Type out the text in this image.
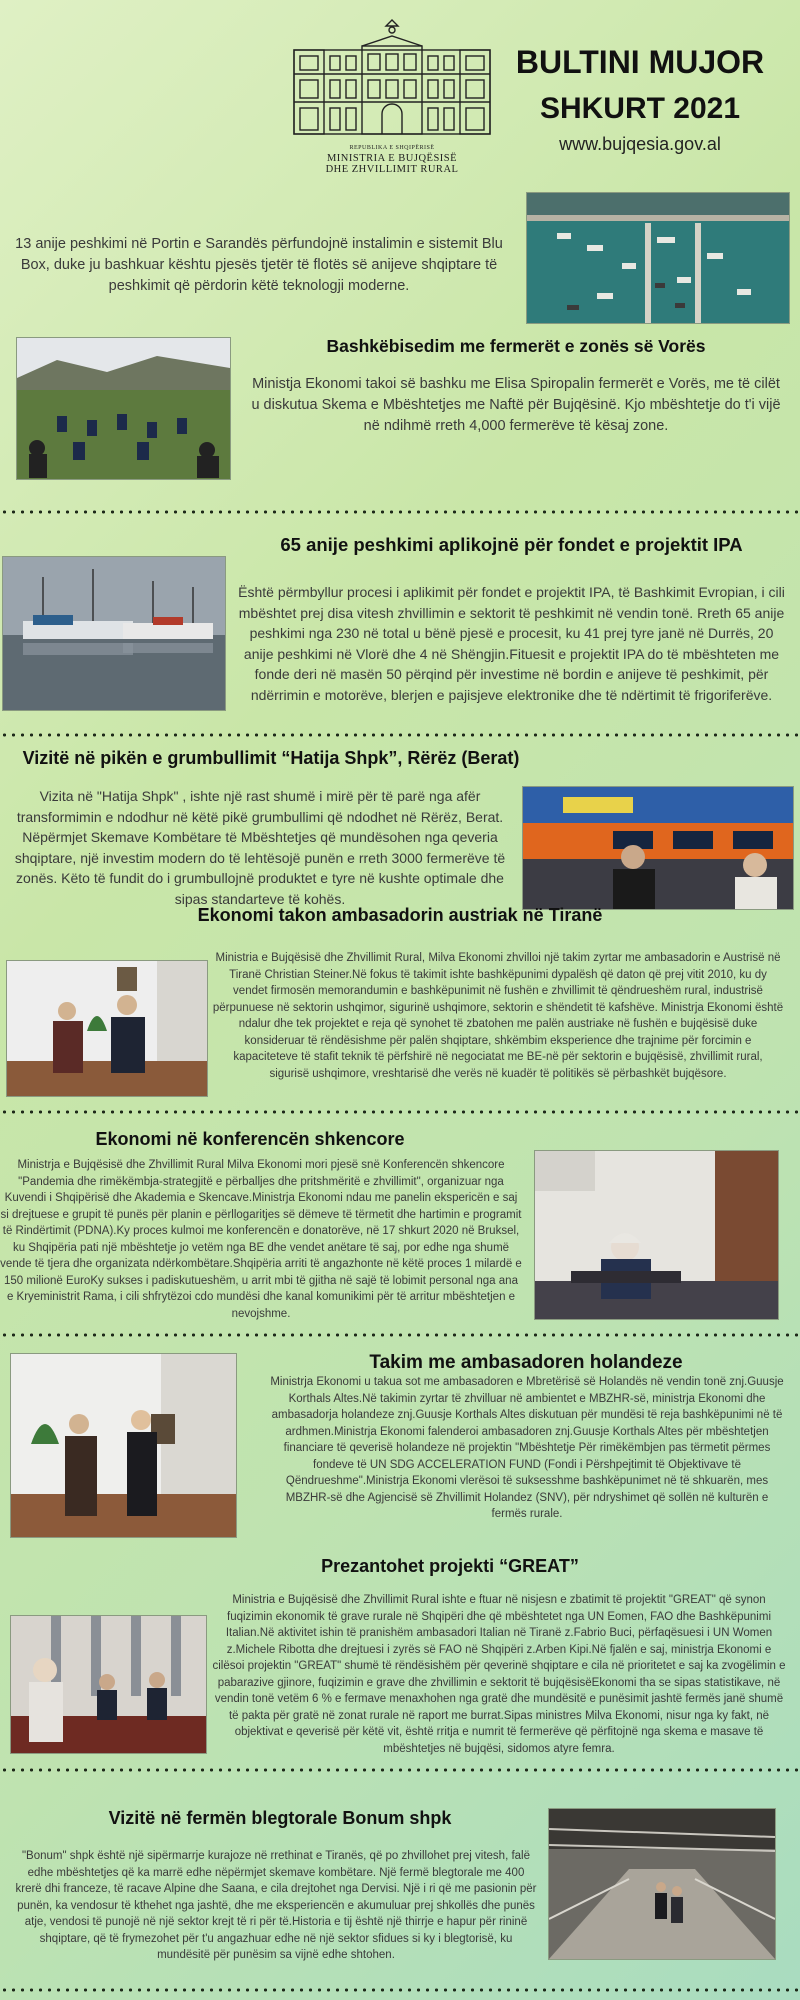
REPUBLIKA E SHQIPËRISË
MINISTRIA E BUJQËSISË
DHE ZHVILLIMIT RURAL
BULTINI MUJOR
SHKURT 2021
www.bujqesia.gov.al
13 anije peshkimi në Portin e Sarandës përfundojnë instalimin e sistemit Blu Box, duke ju bashkuar kështu pjesës tjetër të flotës së anijeve shqiptare të peshkimit që përdorin këtë teknologji moderne.
Bashkëbisedim me fermerët e zonës së Vorës
Ministja Ekonomi takoi së bashku me Elisa Spiropalin fermerët e Vorës, me të cilët u diskutua Skema e Mbështetjes me Naftë për Bujqësinë. Kjo mbështetje do t'i vijë në ndihmë rreth 4,000 fermerëve të kësaj zone.
65 anije peshkimi aplikojnë për fondet e projektit IPA
Është përmbyllur procesi i aplikimit për fondet e projektit IPA, të Bashkimit Evropian, i cili mbështet prej disa vitesh zhvillimin e sektorit të peshkimit në vendin tonë. Rreth 65 anije peshkimi nga 230 në total u bënë pjesë e procesit, ku 41 prej tyre janë në Durrës, 20 anije peshkimi në Vlorë dhe 4 në Shëngjin.Fituesit e projektit IPA do të mbështeten me fonde deri në masën 50 përqind për investime në bordin e anijeve të peshkimit, për ndërrimin e motorëve, blerjen e pajisjeve elektronike dhe të ndërtimit të frigoriferëve.
Vizitë në pikën e grumbullimit “Hatija Shpk”, Rërëz (Berat)
Vizita në "Hatija Shpk" , ishte një rast shumë i mirë për të parë nga afër transformimin e ndodhur në këtë pikë grumbullimi që ndodhet në Rërëz, Berat. Nëpërmjet Skemave Kombëtare të Mbështetjes që mundësohen nga qeveria shqiptare, një investim modern do të lehtësojë punën e rreth 3000 fermerëve të zonës. Këto të fundit do i grumbullojnë produktet e tyre në kushte optimale dhe sipas standarteve të kohës.
Ekonomi takon ambasadorin austriak në Tiranë
Ministria e Bujqësisë dhe Zhvillimit Rural, Milva Ekonomi zhvilloi një takim zyrtar me ambasadorin e Austrisë në Tiranë Christian Steiner.Në fokus të takimit ishte bashkëpunimi dypalësh që daton që prej vitit 2010, ku dy vendet firmosën memorandumin e bashkëpunimit në fushën e zhvillimit të qëndrueshëm rural, industrisë përpunuese në sektorin ushqimor, sigurinë ushqimore, sektorin e shëndetit të kafshëve. Ministrja Ekonomi është ndalur dhe tek projektet e reja që synohet të zbatohen me palën austriake në fushën e bujqësisë duke konsideruar të rëndësishme për palën shqiptare, shkëmbim eksperience dhe trajnime për forcimin e kapaciteteve të stafit teknik të përfshirë në negociatat me BE-në për sektorin e bujqësisë, zhvillimit rural, sigurisë ushqimore, vreshtarisë dhe verës në kuadër të politikës së përbashkët bujqësore.
Ekonomi në konferencën shkencore
Ministrja e Bujqësisë dhe Zhvillimit Rural Milva Ekonomi mori pjesë snë Konferencën shkencore "Pandemia dhe rimëkëmbja-strategjitë e përballjes dhe pritshmëritë e zhvillimit", organizuar nga Kuvendi i Shqipërisë dhe Akademia e Skencave.Ministrja Ekonomi ndau me panelin ekspericën e saj si drejtuese e grupit të punës për planin e përllogaritjes së dëmeve të tërmetit dhe hartimin e programit të Rindërtimit (PDNA).Ky proces kulmoi me konferencën e donatorëve, në 17 shkurt 2020 në Bruksel, ku Shqipëria pati një mbështetje jo vetëm nga BE dhe vendet anëtare të saj, por edhe nga shumë vende të tjera dhe organizata ndërkombëtare.Shqipëria arriti të angazhonte në këtë proces 1 milardë e 150 milionë EuroKy sukses i padiskutueshëm, u arrit mbi të gjitha në sajë të lobimit personal nga ana e Kryeministrit Rama, i cili shfrytëzoi cdo mundësi dhe kanal komunikimi për të arritur mbështetjen e nevojshme.
Takim me ambasadoren holandeze
Ministrja Ekonomi u takua sot me ambasadoren e Mbretërisë së Holandës në vendin tonë znj.Guusje Korthals Altes.Në takimin zyrtar të zhvilluar në ambientet e MBZHR-së, ministrja Ekonomi dhe ambasadorja holandeze znj.Guusje Korthals Altes diskutuan për mundësi të reja bashkëpunimi në të ardhmen.Ministrja Ekonomi falenderoi ambasadoren znj.Guusje Korthals Altes për mbështetjen financiare të qeverisë holandeze në projektin "Mbështetje Për rimëkëmbjen pas tërmetit përmes fondeve të UN SDG ACCELERATION FUND (Fondi i Përshpejtimit të Objektivave të Qëndrueshme".Ministrja Ekonomi vlerësoi të suksesshme bashkëpunimet në të shkuarën, mes MBZHR-së dhe Agjencisë së Zhvillimit Holandez (SNV), për ndryshimet që sollën në kulturën e fermës rurale.
Prezantohet projekti “GREAT”
Ministria e Bujqësisë dhe Zhvillimit Rural ishte e ftuar në nisjesn e zbatimit të projektit "GREAT" që synon fuqizimin ekonomik të grave rurale në Shqipëri dhe që mbështetet nga UN Eomen, FAO dhe Bashkëpunimi Italian.Në aktivitet ishin të pranishëm ambasadori Italian në Tiranë z.Fabrio Buci, përfaqësuesi i UN Women z.Michele Ribotta dhe drejtuesi i zyrës së FAO në Shqipëri z.Arben Kipi.Në fjalën e saj, ministrja Ekonomi e cilësoi projektin "GREAT" shumë të rëndësishëm për qeverinë shqiptare e cila në prioritetet e saj ka zvogëlimin e pabarazive gjinore, fuqizimin e grave dhe zhvillimin e sektorit të bujqësisëEkonomi tha se sipas statistikave, në vendin tonë vetëm 6 % e fermave menaxhohen nga gratë dhe mundësitë e punësimit jashtë fermës janë shumë të pakta për gratë në zonat rurale në raport me burrat.Sipas ministres Milva Ekonomi, nisur nga ky fakt, në objektivat e qeverisë për këtë vit, është rritja e numrit të fermerëve që përfitojnë nga skema e masave të mbështetjes në bujqësi, sidomos atyre femra.
Vizitë në fermën blegtorale Bonum shpk
"Bonum" shpk është një sipërmarrje kurajoze në rrethinat e Tiranës, që po zhvillohet prej vitesh, falë edhe mbështetjes që ka marrë edhe nëpërmjet skemave kombëtare. Një fermë blegtorale me 400 krerë dhi franceze, të racave Alpine dhe Saana, e cila drejtohet nga Dervisi. Një i ri që me pasionin për punën, ka vendosur të kthehet nga jashtë, dhe me eksperiencën e akumuluar prej shkollës dhe punës atje, vendosi të punojë në një sektor krejt të ri për të.Historia e tij është një thirrje e hapur për rininë shqiptare, që të frymezohet për t'u angazhuar edhe në një sektor sfidues si ky i blegtorisë, ku mundësitë për punësim sa vijnë edhe shtohen.
